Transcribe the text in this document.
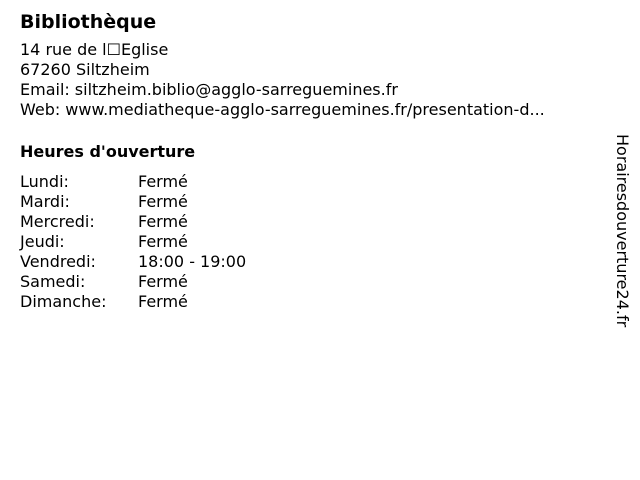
Bibliothèque
14 rue de l☐Eglise
67260 Siltzheim
Email: siltzheim.biblio@agglo-sarreguemines.fr
Web: www.mediatheque-agglo-sarreguemines.fr/presentation-d...
Heures d'ouverture
Lundi:	Fermé
Mardi:	Fermé
Mercredi:	Fermé
Jeudi:	Fermé
Vendredi:	18:00 - 19:00
Samedi:	Fermé
Dimanche:	Fermé	Horairesdouverture24.fr
